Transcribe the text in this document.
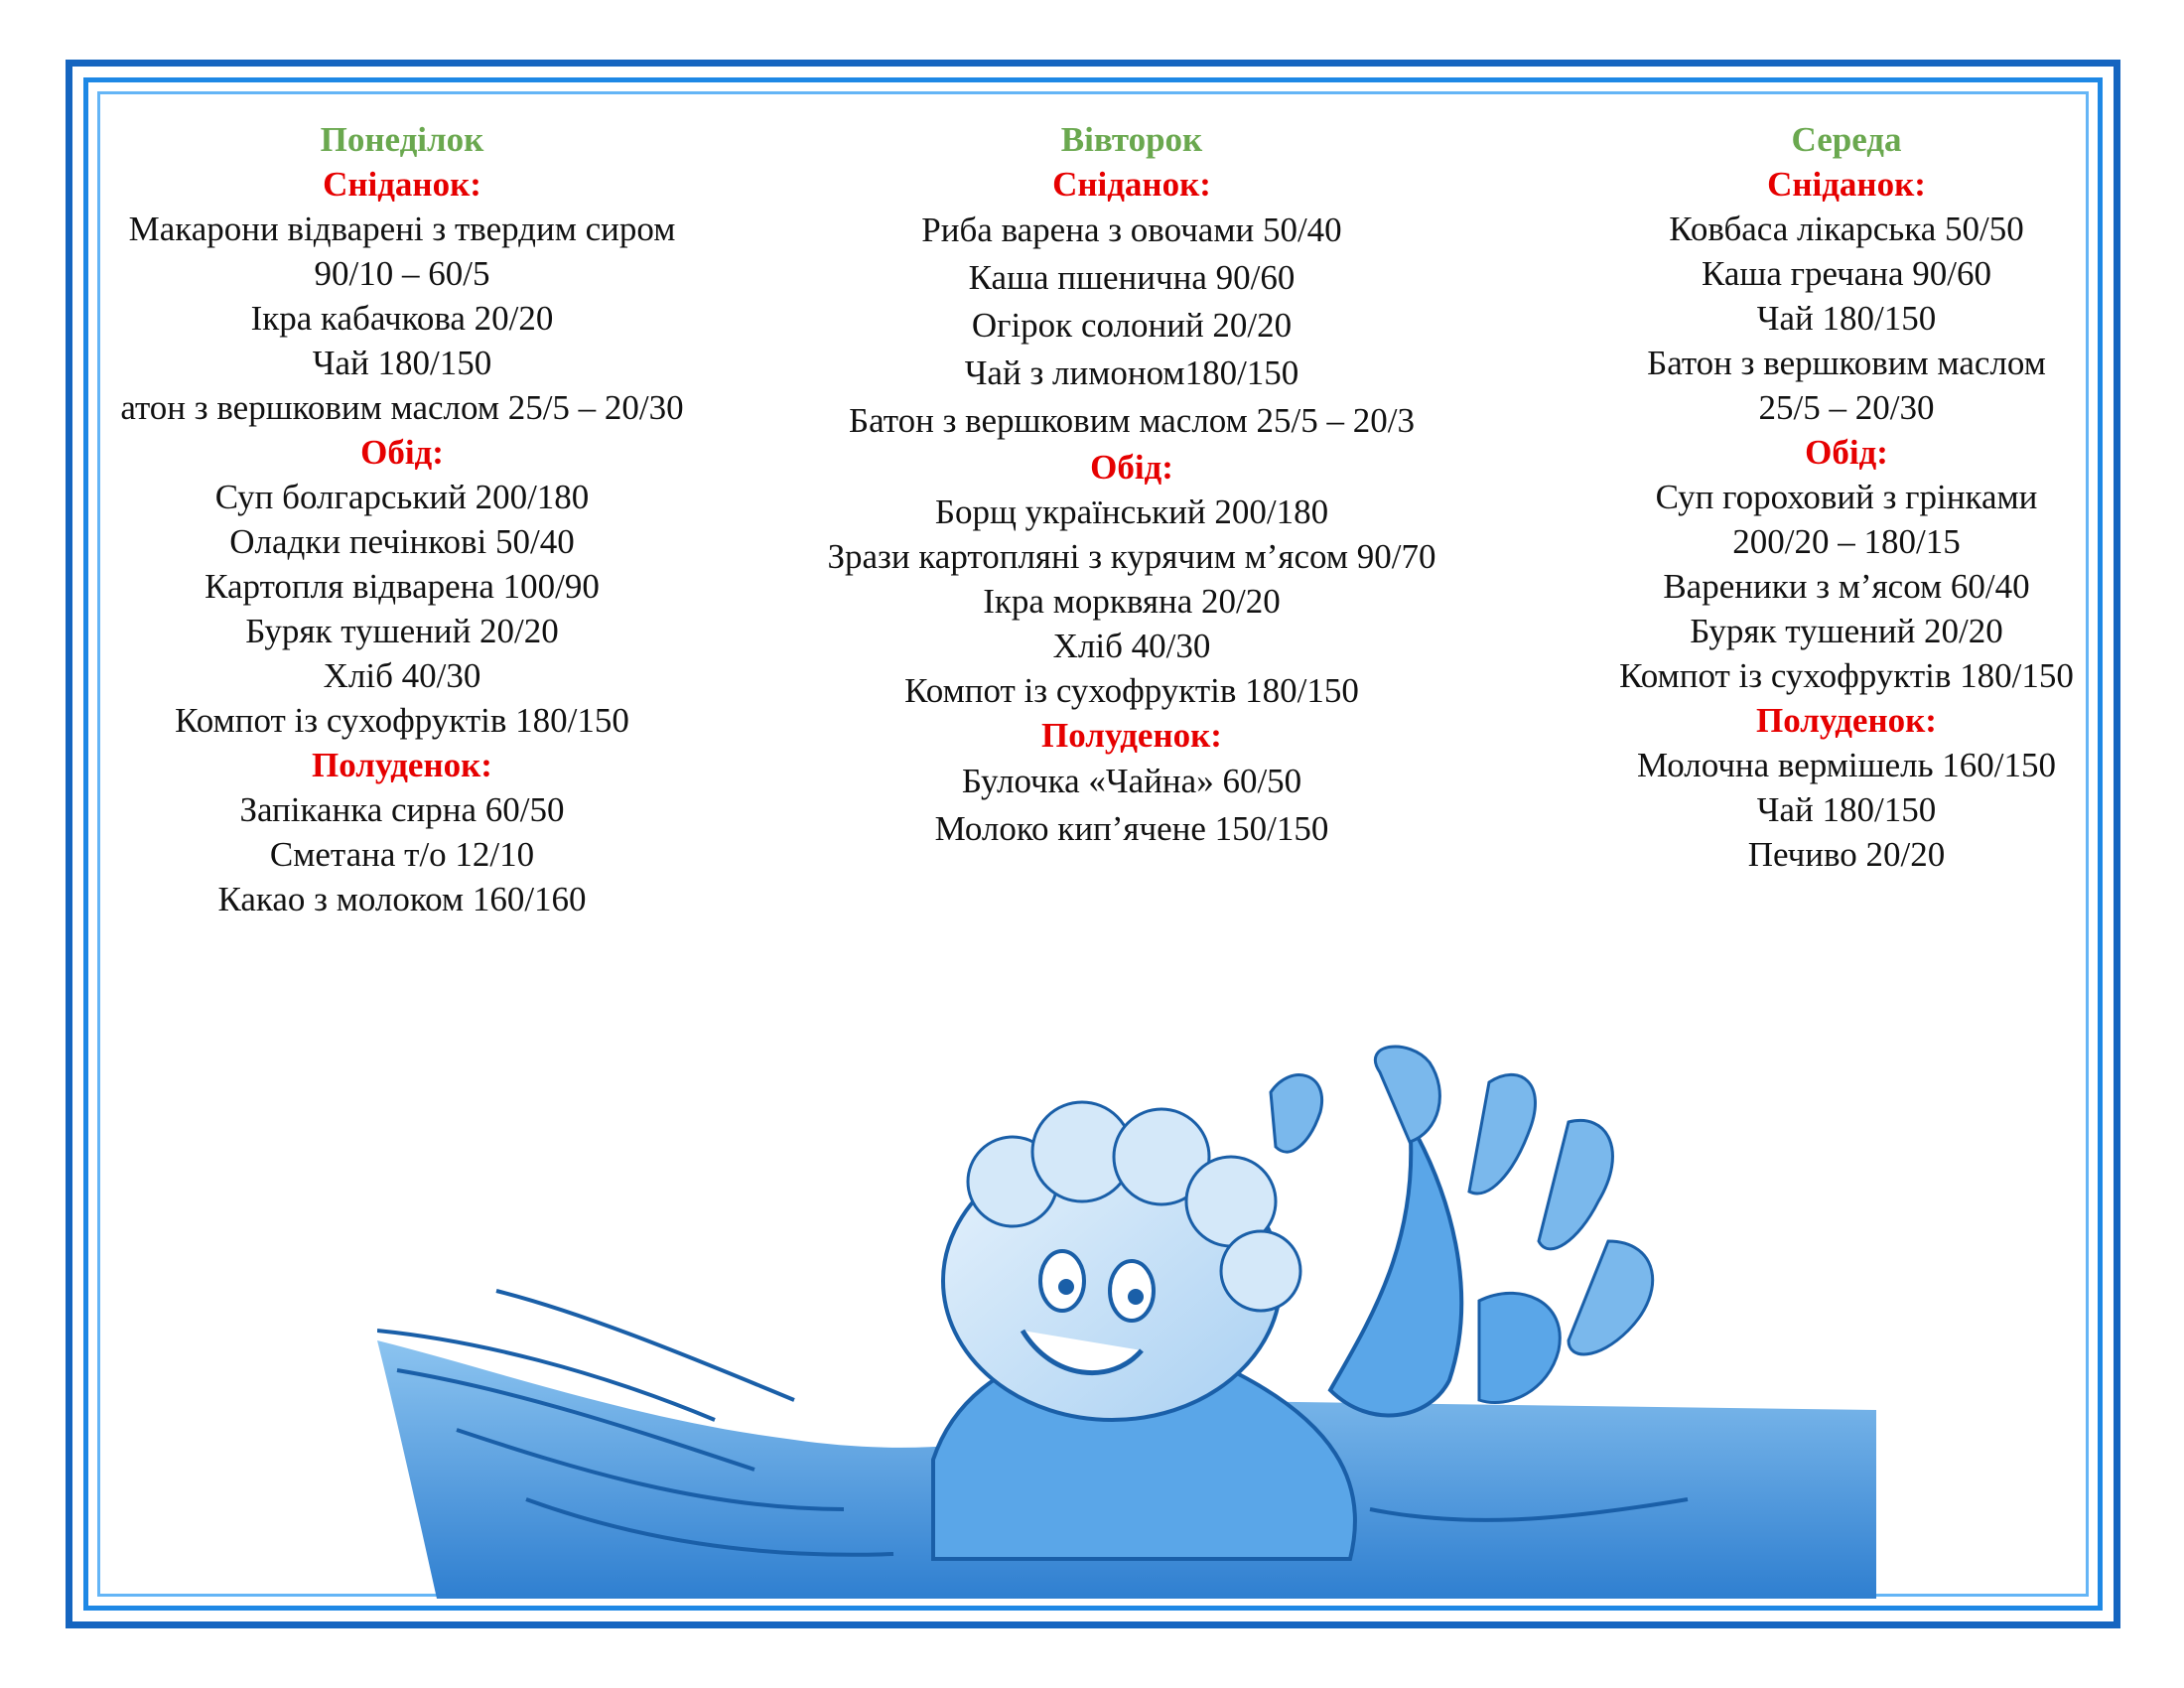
Понеділок
Сніданок:
Макарони відварені з твердим сиром
90/10 – 60/5
Ікра кабачкова 20/20
Чай 180/150
атон з вершковим маслом 25/5 – 20/30
Обід:
Суп болгарський 200/180
Оладки печінкові 50/40
Картопля відварена 100/90
Буряк тушений 20/20
Хліб 40/30
Компот із сухофруктів 180/150
Полуденок:
Запіканка сирна 60/50
Сметана т/о 12/10
Какао з молоком 160/160
Вівторок
Сніданок:
Риба варена з овочами 50/40
Каша пшенична 90/60
Огірок солоний 20/20
Чай з лимоном180/150
Батон з вершковим маслом 25/5 – 20/3
Обід:
Борщ український 200/180
Зрази картопляні з курячим м’ясом 90/70
Ікра морквяна 20/20
Хліб 40/30
Компот із сухофруктів 180/150
Полуденок:
Булочка «Чайна» 60/50
Молоко кип’ячене 150/150
Середа
Сніданок:
Ковбаса лікарська 50/50
Каша гречана 90/60
Чай 180/150
Батон з вершковим маслом
25/5 – 20/30
Обід:
Суп гороховий з грінками
200/20 – 180/15
Вареники з м’ясом 60/40
Буряк тушений 20/20
Компот із сухофруктів 180/150
Полуденок:
Молочна вермішель 160/150
Чай 180/150
Печиво 20/20
